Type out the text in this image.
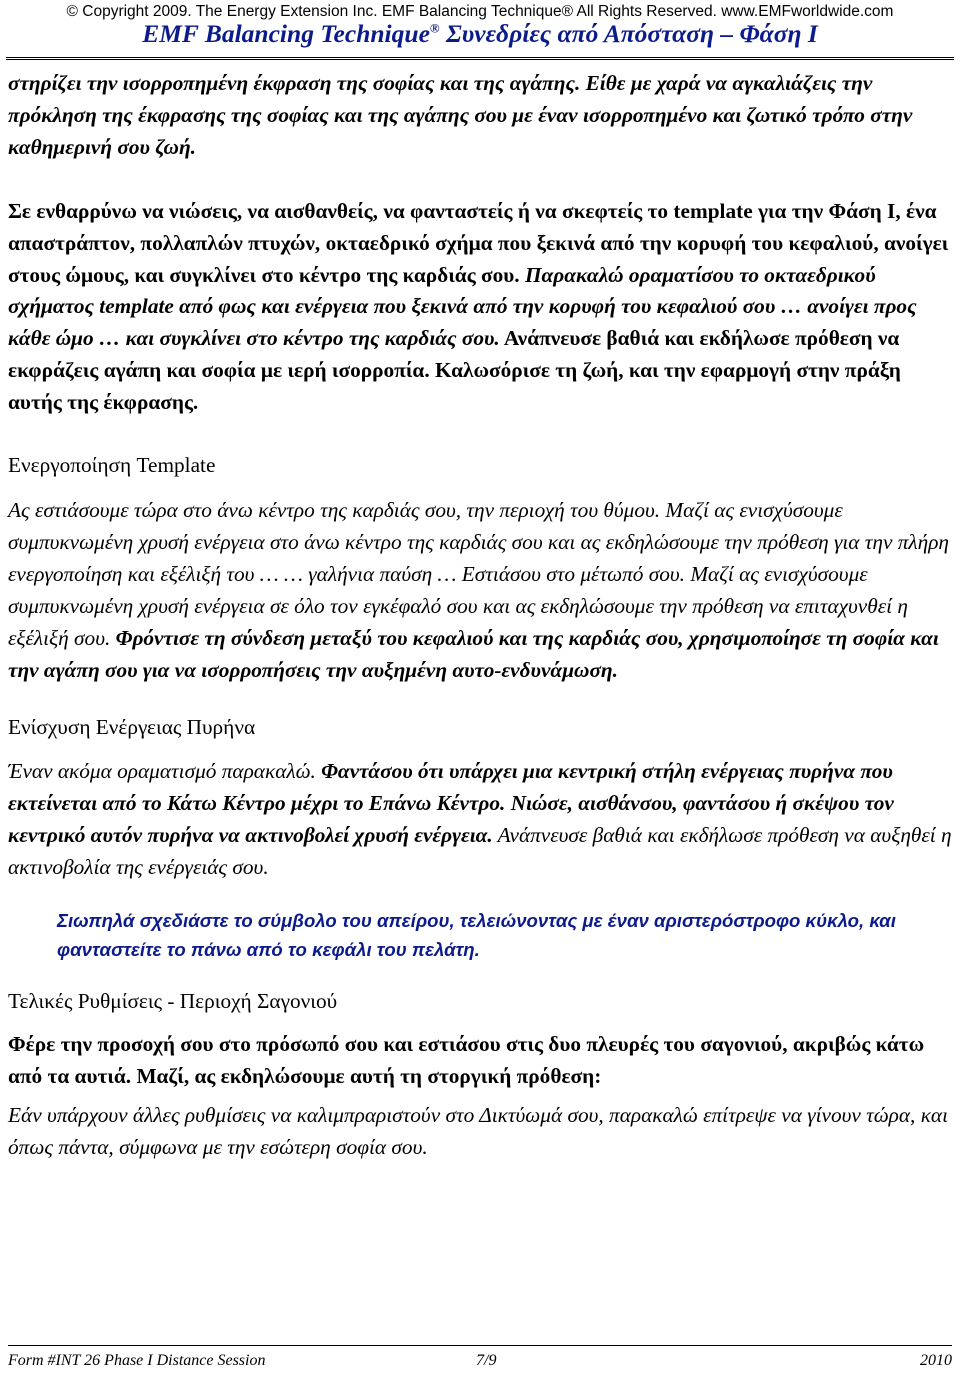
© Copyright 2009. The Energy Extension Inc. EMF Balancing Technique® All Rights Reserved. www.EMFworldwide.com
EMF Balancing Technique® Συνεδρίες από Απόσταση – Φάση I

στηρίζει την ισορροπημένη έκφραση της σοφίας και της αγάπης. Είθε με χαρά να αγκαλιάζεις την πρόκληση της έκφρασης της σοφίας και της αγάπης σου με έναν ισορροπημένο και ζωτικό τρόπο στην καθημερινή σου ζωή.

Σε ενθαρρύνω να νιώσεις, να αισθανθείς, να φανταστείς ή να σκεφτείς το template για την Φάση I, ένα απαστράπτον, πολλαπλών πτυχών, οκταεδρικό σχήμα που ξεκινά από την κορυφή του κεφαλιού, ανοίγει στους ώμους, και συγκλίνει στο κέντρο της καρδιάς σου. Παρακαλώ οραματίσου το οκταεδρικού σχήματος template από φως και ενέργεια που ξεκινά από την κορυφή του κεφαλιού σου … ανοίγει προς κάθε ώμο … και συγκλίνει στο κέντρο της καρδιάς σου. Ανάπνευσε βαθιά και εκδήλωσε πρόθεση να εκφράζεις αγάπη και σοφία με ιερή ισορροπία. Καλωσόρισε τη ζωή, και την εφαρμογή στην πράξη αυτής της έκφρασης.

Ενεργοποίηση Template

Ας εστιάσουμε τώρα στο άνω κέντρο της καρδιάς σου, την περιοχή του θύμου. Μαζί ας ενισχύσουμε συμπυκνωμένη χρυσή ενέργεια στο άνω κέντρο της καρδιάς σου και ας εκδηλώσουμε την πρόθεση για την πλήρη ενεργοποίηση και εξέλιξή του … … γαλήνια παύση … Εστιάσου στο μέτωπό σου. Μαζί ας ενισχύσουμε συμπυκνωμένη χρυσή ενέργεια σε όλο τον εγκέφαλό σου και ας εκδηλώσουμε την πρόθεση να επιταχυνθεί η εξέλιξή σου. Φρόντισε τη σύνδεση μεταξύ του κεφαλιού και της καρδιάς σου, χρησιμοποίησε τη σοφία και την αγάπη σου για να ισορροπήσεις την αυξημένη αυτο-ενδυνάμωση.

Ενίσχυση Ενέργειας Πυρήνα

Έναν ακόμα οραματισμό παρακαλώ. Φαντάσου ότι υπάρχει μια κεντρική στήλη ενέργειας πυρήνα που εκτείνεται από το Κάτω Κέντρο μέχρι το Επάνω Κέντρο. Νιώσε, αισθάνσου, φαντάσου ή σκέψου τον κεντρικό αυτόν πυρήνα να ακτινοβολεί χρυσή ενέργεια. Ανάπνευσε βαθιά και εκδήλωσε πρόθεση να αυξηθεί η ακτινοβολία της ενέργειάς σου.

Σιωπηλά σχεδιάστε το σύμβολο του απείρου, τελειώνοντας με έναν αριστερόστροφο κύκλο, και φανταστείτε το πάνω από το κεφάλι του πελάτη.

Τελικές Ρυθμίσεις - Περιοχή Σαγονιού

Φέρε την προσοχή σου στο πρόσωπό σου και εστιάσου στις δυο πλευρές του σαγονιού, ακριβώς κάτω από τα αυτιά. Μαζί, ας εκδηλώσουμε αυτή τη στοργική πρόθεση:

Εάν υπάρχουν άλλες ρυθμίσεις να καλιμπραριστούν στο Δικτύωμά σου, παρακαλώ επίτρεψε να γίνουν τώρα, και όπως πάντα, σύμφωνα με την εσώτερη σοφία σου.

Form #INT 26 Phase I Distance Session	7/9	2010
